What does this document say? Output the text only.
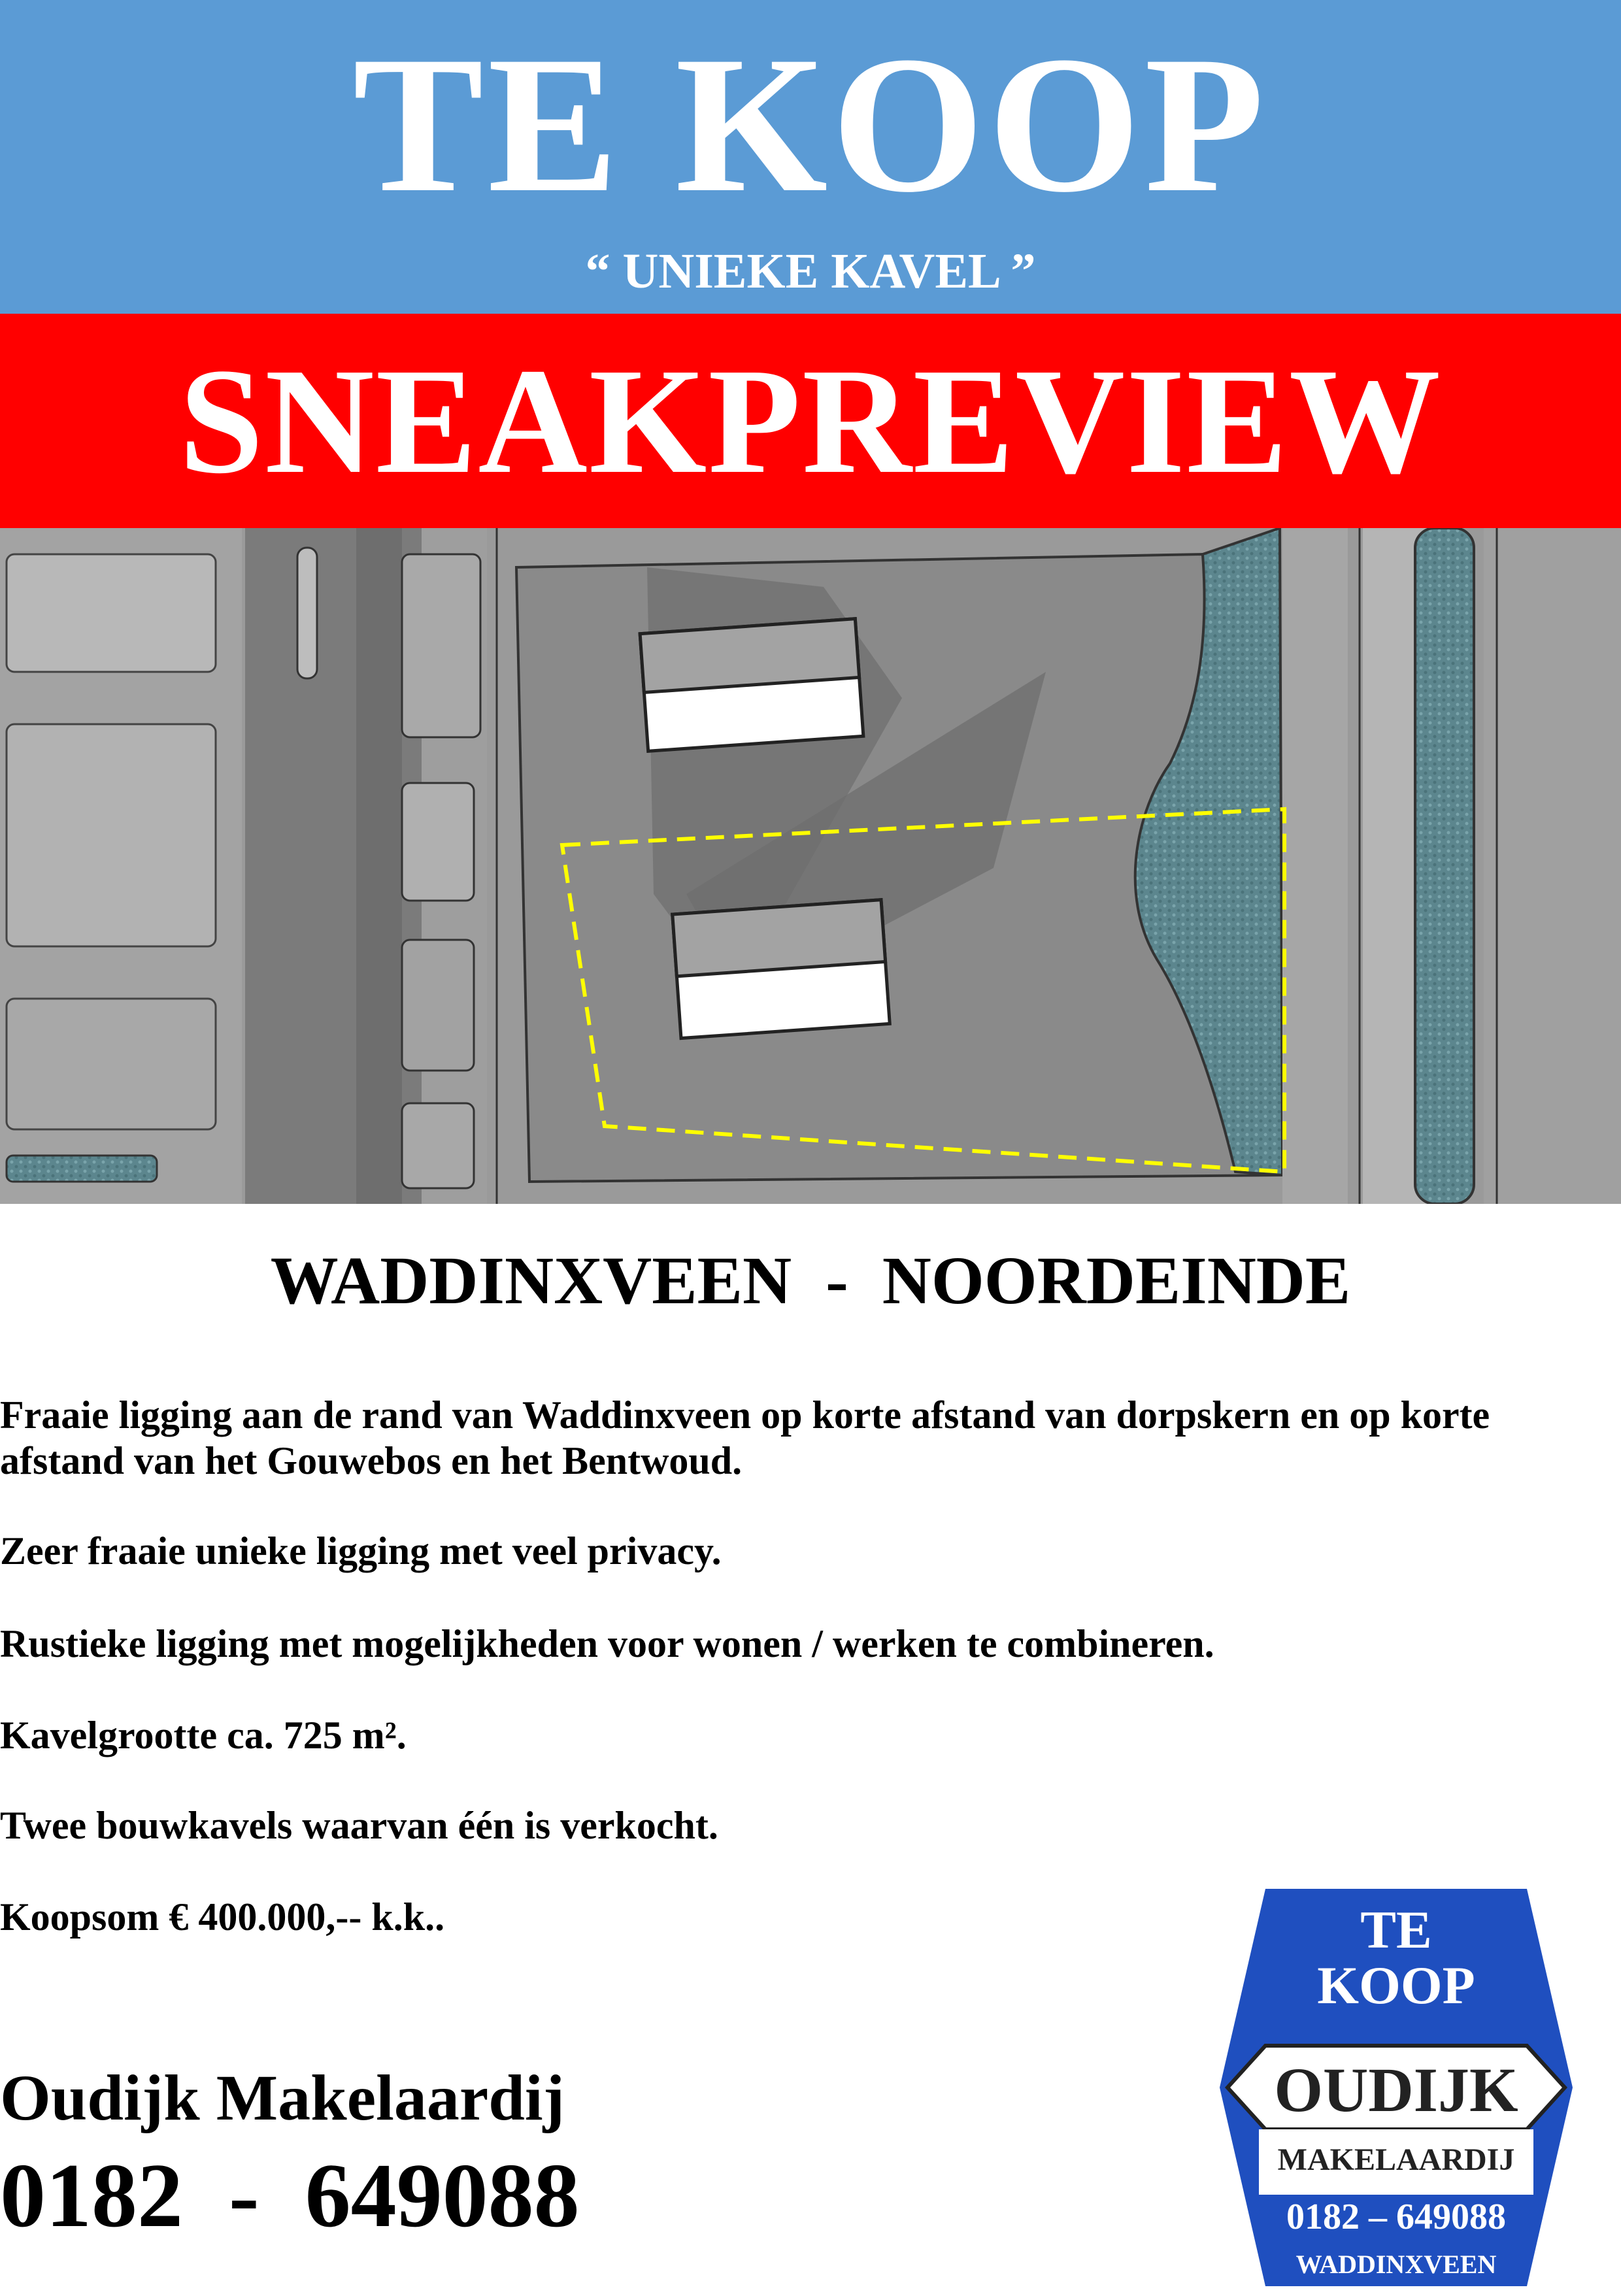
TE KOOP
“ UNIEKE KAVEL ”
SNEAKPREVIEW
WADDINXVEEN  -  NOORDEINDE
Fraaie ligging aan de rand van Waddinxveen op korte afstand van dorpskern en op korte afstand van het Gouwebos en het Bentwoud.
Zeer fraaie unieke ligging met veel privacy.
Rustieke ligging met mogelijkheden voor wonen / werken te combineren.
Kavelgrootte ca. 725 m².
Twee bouwkavels waarvan één is verkocht.
Koopsom € 400.000,-- k.k..
Oudijk Makelaardij
0182  -  649088
TE
KOOP
OUDIJK
MAKELAARDIJ
0182 – 649088
WADDINXVEEN
